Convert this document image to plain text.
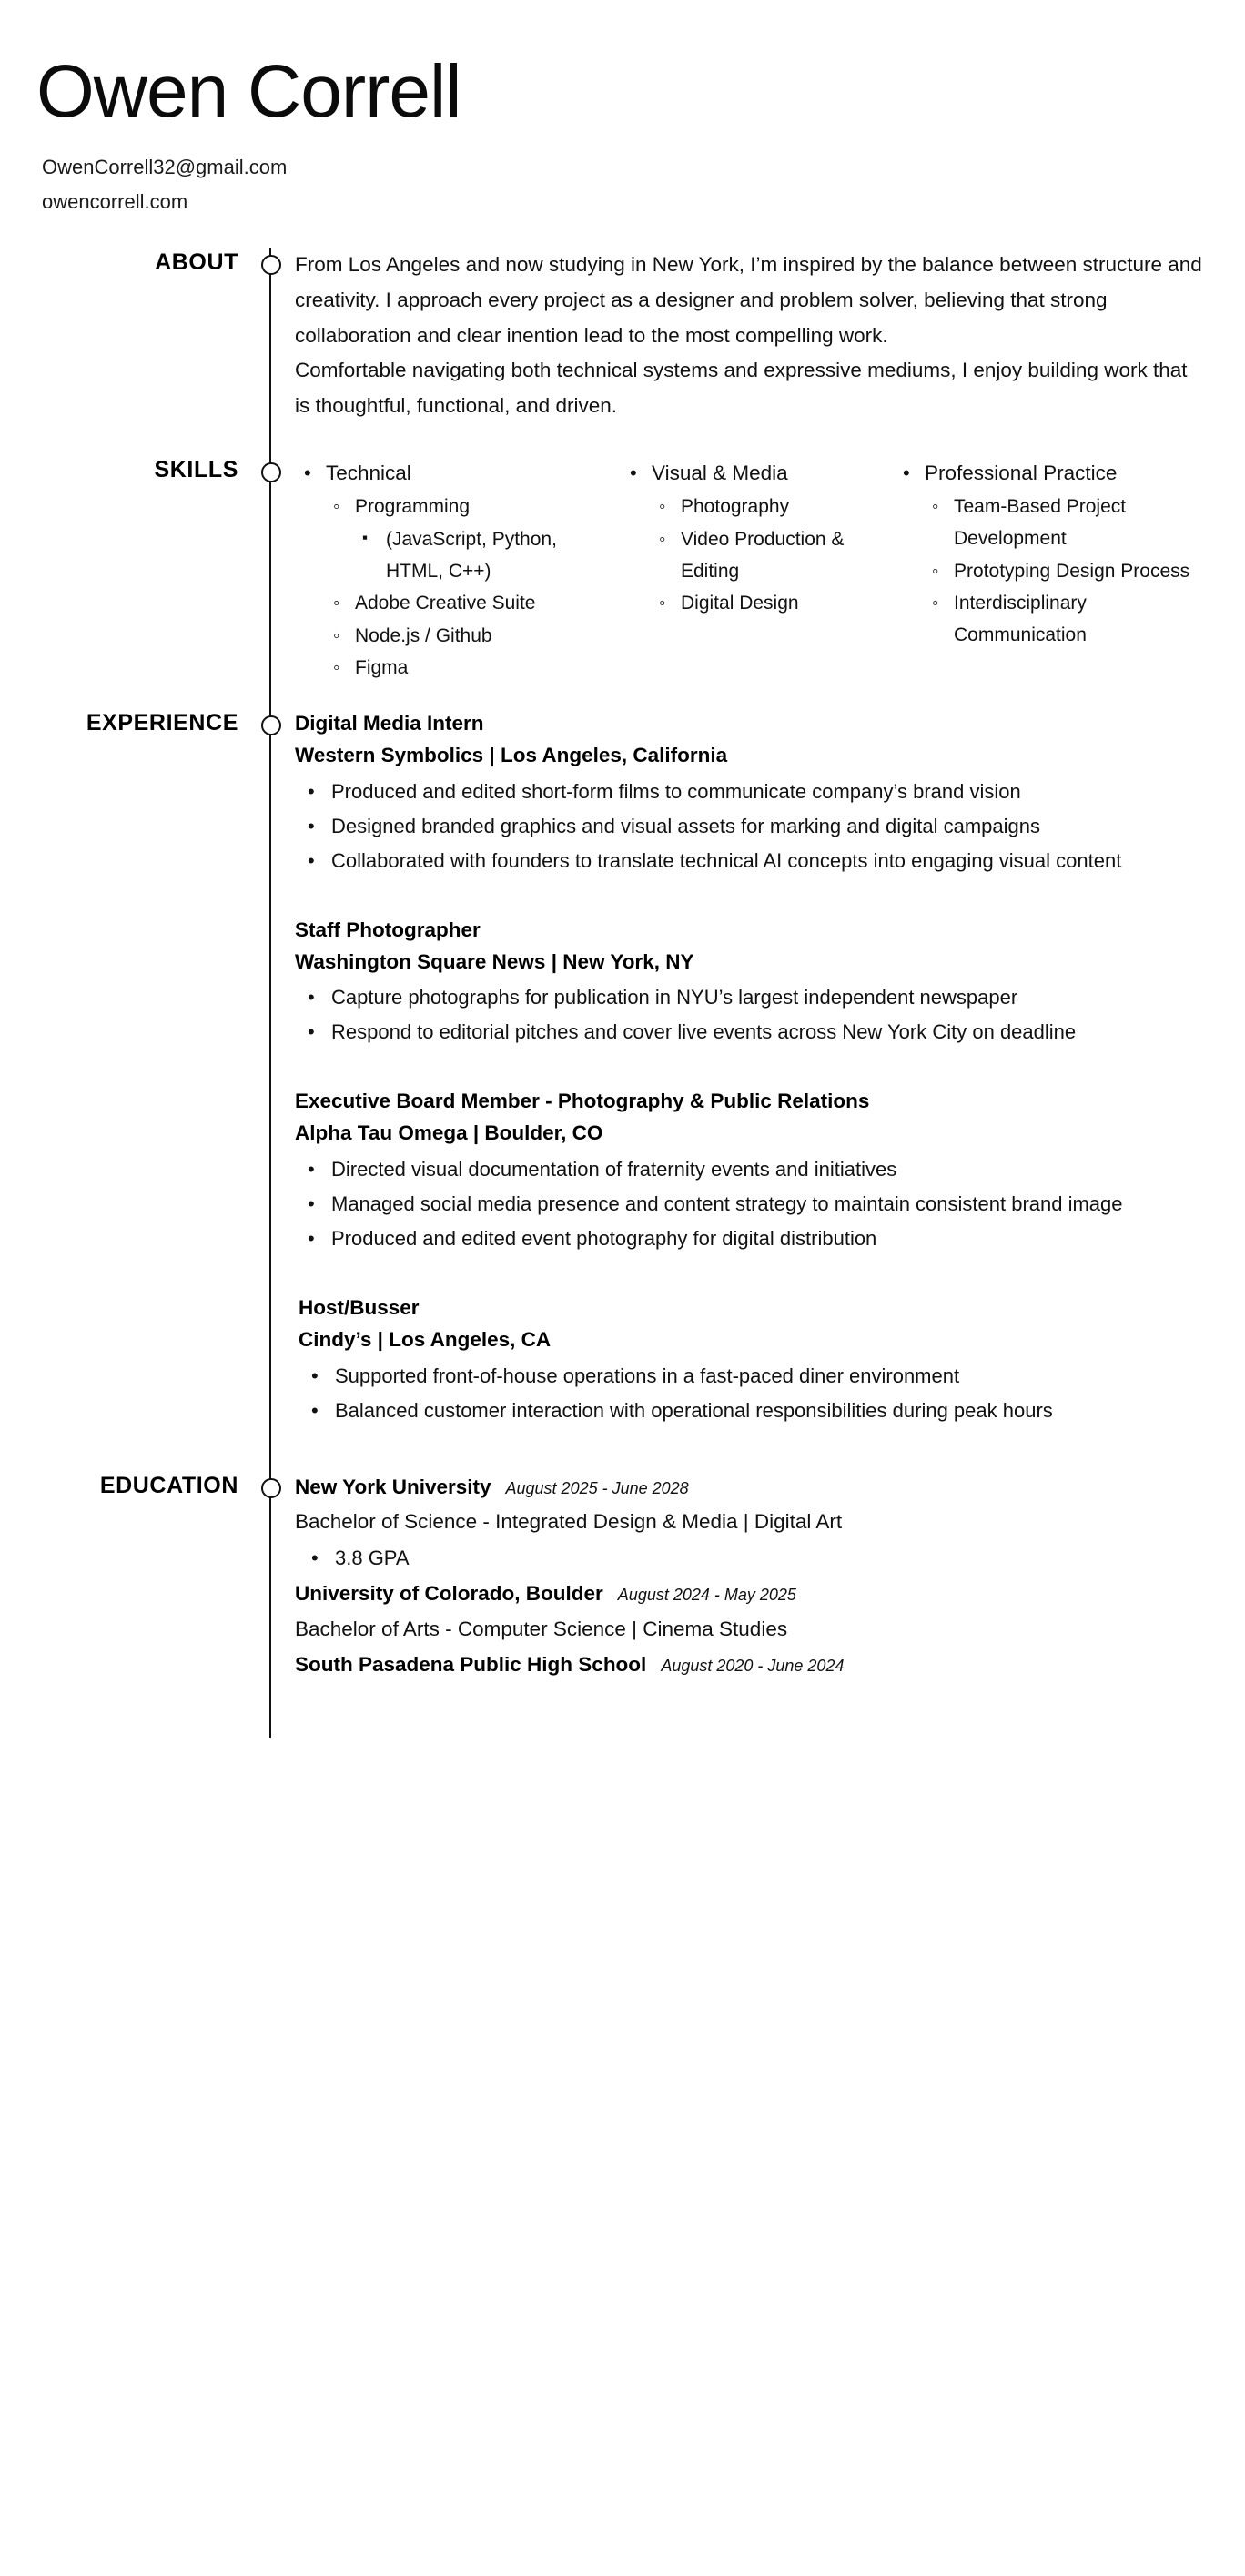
Owen Correll
OwenCorrell32@gmail.com
owencorrell.com
ABOUT	From Los Angeles and now studying in New York, I’m inspired by the balance between structure and creativity. I approach every project as a designer and problem solver, believing that strong collaboration and clear inention lead to the most compelling work.

Comfortable navigating both technical systems and expressive mediums, I enjoy building work that is thoughtful, functional, and driven.

SKILLS	• Technical
◦ Programming
▪ (JavaScript, Python, HTML, C++)
◦ Adobe Creative Suite
◦ Node.js / Github
◦ Figma
• Visual & Media
◦ Photography
◦ Video Production & Editing
◦ Digital Design
• Professional Practice
◦ Team-Based Project Development
◦ Prototyping Design Process
◦ Interdisciplinary Communication
EXPERIENCE	Digital Media Intern
Western Symbolics | Los Angeles, California
• Produced and edited short-form films to communicate company’s brand vision
• Designed branded graphics and visual assets for marking and digital campaigns
• Collaborated with founders to translate technical AI concepts into engaging visual content
Staff Photographer
Washington Square News | New York, NY
• Capture photographs for publication in NYU’s largest independent newspaper
• Respond to editorial pitches and cover live events across New York City on deadline
Executive Board Member - Photography & Public Relations
Alpha Tau Omega | Boulder, CO
• Directed visual documentation of fraternity events and initiatives
• Managed social media presence and content strategy to maintain consistent brand image
• Produced and edited event photography for digital distribution
Host/Busser
Cindy’s | Los Angeles, CA
• Supported front-of-house operations in a fast-paced diner environment
• Balanced customer interaction with operational responsibilities during peak hours
EDUCATION	New York University August 2025 - June 2028
Bachelor of Science - Integrated Design & Media | Digital Art
• 3.8 GPA
University of Colorado, Boulder August 2024 - May 2025
Bachelor of Arts - Computer Science | Cinema Studies
South Pasadena Public High School August 2020 - June 2024
